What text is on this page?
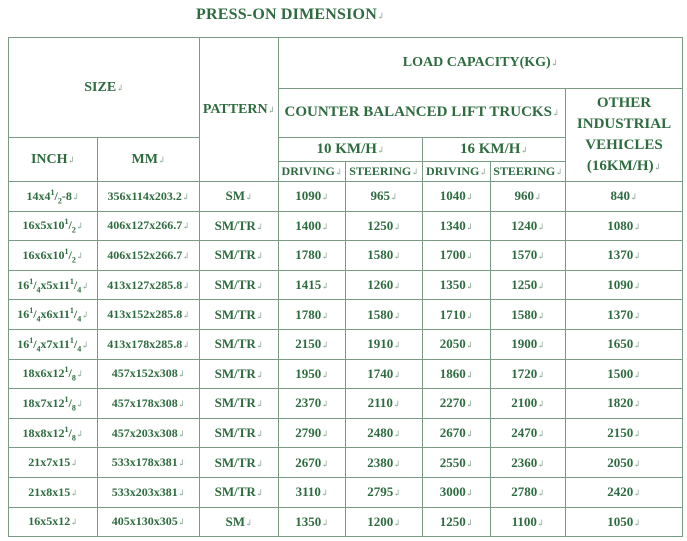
PRESS-ON DIMENSION↲
SIZE↲		PATTERN↲	LOAD CAPACITY(KG)↲				
			COUNTER BALANCED LIFT TRUCKS↲				OTHER INDUSTRIAL VEHICLES (16KM/H)↲
INCH↲	MM↲		10 KM/H↲		16 KM/H↲		
			DRIVING↲	STEERING↲	DRIVING↲	STEERING↲	
$14x4^1/_2-8↲$	356x114x203.2↲	SM↲	1090↲	965↲	1040↲	960↲	840↲
$16x5x10^1/_2↲$	406x127x266.7↲	SM/TR↲	1400↲	1250↲	1340↲	1240↲	1080↲
$16x6x10^1/_2↲$	406x152x266.7↲	SM/TR↲	1780↲	1580↲	1700↲	1570↲	1370↲
$16^1/_4x5x11^1/_4↲$	413x127x285.8↲	SM/TR↲	1415↲	1260↲	1350↲	1250↲	1090↲
$16^1/_4x6x11^1/_4↲$	413x152x285.8↲	SM/TR↲	1780↲	1580↲	1710↲	1580↲	1370↲
$16^1/_4x7x11^1/_4↲$	413x178x285.8↲	SM/TR↲	2150↲	1910↲	2050↲	1900↲	1650↲
$18x6x12^1/_8↲$	457x152x308↲	SM/TR↲	1950↲	1740↲	1860↲	1720↲	1500↲
$18x7x12^1/_8↲$	457x178x308↲	SM/TR↲	2370↲	2110↲	2270↲	2100↲	1820↲
$18x8x12^1/_8↲$	457x203x308↲	SM/TR↲	2790↲	2480↲	2670↲	2470↲	2150↲
21x7x15↲	533x178x381↲	SM/TR↲	2670↲	2380↲	2550↲	2360↲	2050↲
21x8x15↲	533x203x381↲	SM/TR↲	3110↲	2795↲	3000↲	2780↲	2420↲
16x5x12↲	405x130x305↲	SM↲	1350↲	1200↲	1250↲	1100↲	1050↲
